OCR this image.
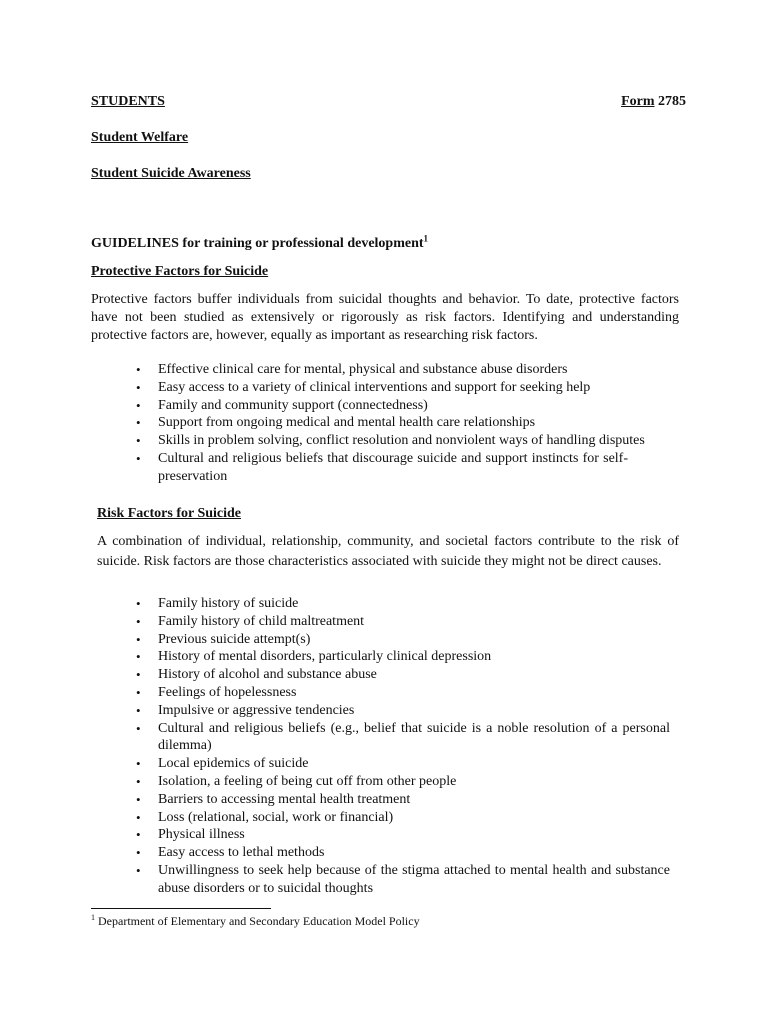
STUDENTS	Form 2785
Student Welfare
Student Suicide Awareness
GUIDELINES for training or professional development$^1$
Protective Factors for Suicide
Protective factors buffer individuals from suicidal thoughts and behavior. To date, protective factors have not been studied as extensively or rigorously as risk factors. Identifying and understanding protective factors are, however, equally as important as researching risk factors.
• Effective clinical care for mental, physical and substance abuse disorders
• Easy access to a variety of clinical interventions and support for seeking help
• Family and community support (connectedness)
• Support from ongoing medical and mental health care relationships
• Skills in problem solving, conflict resolution and nonviolent ways of handling disputes
• Cultural and religious beliefs that discourage suicide and support instincts for self- preservation
Risk Factors for Suicide
A combination of individual, relationship, community, and societal factors contribute to the risk of suicide. Risk factors are those characteristics associated with suicide they might not be direct causes.
• Family history of suicide
• Family history of child maltreatment
• Previous suicide attempt(s)
• History of mental disorders, particularly clinical depression
• History of alcohol and substance abuse
• Feelings of hopelessness
• Impulsive or aggressive tendencies
• Cultural and religious beliefs (e.g., belief that suicide is a noble resolution of a personal dilemma)
• Local epidemics of suicide
• Isolation, a feeling of being cut off from other people
• Barriers to accessing mental health treatment
• Loss (relational, social, work or financial)
• Physical illness
• Easy access to lethal methods
• Unwillingness to seek help because of the stigma attached to mental health and substance abuse disorders or to suicidal thoughts
$^1$ Department of Elementary and Secondary Education Model Policy
